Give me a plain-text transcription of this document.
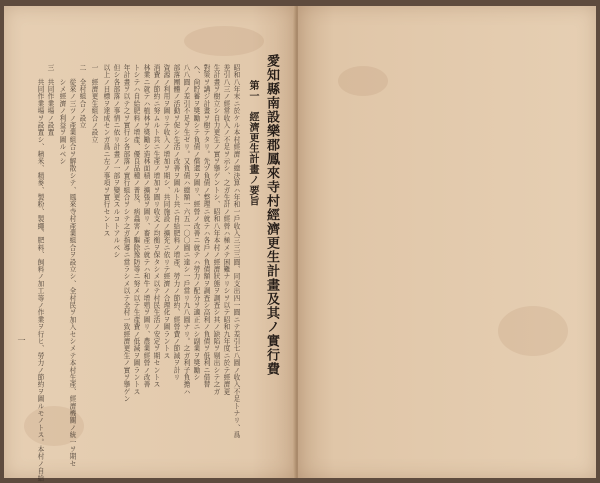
愛知縣南設樂郡鳳來寺村經濟更生計畫及其ノ實行費
第一　經濟更生計畫ノ要旨
昭和八年末ニ於ケル本村經濟ノ總決算ハ年和一戶收入三三三圓、同支出四一圓ニテ差引七八圓ノ收入不足トナリ、爲
差引八三ノ經常收入ノ不足ヲ示シ、之ガ生計ノ經營ハ極メテ困難ナリシヲ以テ昭和九年度ニ於テ經濟更
生計畫ヲ樹立シ自力更生ノ實ヲ擧ゲントシ、昭和八年本村ノ經濟狀態ヲ調査シ其ノ缺陷ヲ剔出シテ之ガ
對策ヲ講ジ計畫ヲ樹テタリ。先ヅ負債ノ整理ニ就テハ各戶ノ負債額ヲ調査シ高利ノ負債ヲ低利ニ借替
ヘ、尙貯蓄ヲ奬勵シテ負債ノ償還ヲ圖リ、經營ノ改善ニ就テハ勞力ノ配分ヲ適正ニシ副業ヲ奬勵シ
八八圓ノ差引不足ヲ生ゼリ。又負債ハ總額一六五一〇〇圓ニ達シ一戶當リ九八圓ナリ。之ガ利子負擔ハ
部落團體ノ活動ヲ促シ生活ノ改善ヲ圖ルト共ニ自給肥料ノ增產、勞力ノ節約、經營費ノ節減ヲ計リ
資源ノ利用ヲ圖リテ收入ノ增加ヲ期シ、共同施設ノ擴充ニ依リテ經濟ノ合理化ヲ圖ラントス
消費ノ節約ニ努ムルト共ニ生產ノ增加ヲ圖リ收支ノ均衡ヲ保タシメ以テ村民生活ノ安定ヲ期セントス
林業ニ就テハ植林ヲ奬勵シ造林面積ノ擴張ヲ圖リ、畜產ニ就テハ和牛ノ增殖ヲ圖リ、農業經營ノ改善
トシテハ自給肥料ノ增產、優良品種ノ普及、病蟲害ノ驅除豫防等ニ努メ以テ生產費ノ低減ヲ圖ラントス
年計畫ヲ以テ之ヲ實行シ各部落ノ實行組合ヲシテ之ガ指導ニ當ラシメ以テ全村一致經濟更生ノ實ヲ擧ゲン
但シ各部落ノ事情ニ依リ計畫ノ一部ヲ變更スルコトアルベシ
以上ノ目標ヲ達成センガ爲ニ左ノ事項ヲ實行セントス
一　經濟更生組合ノ設立
二　全村組合ノ設立
　　從來ノ三ツノ產業組合ヲ解散シテ、鳳來寺村產業組合ヲ設立シ、全村民ヲ加入セシメテ本村生產、經濟機關ノ統一ヲ期セ
　　シメ經濟ノ利益ヲ圖ルベシ
三　共同作業場ノ設置
　　共同作業場ヲ設置シ、精米、精麥、製粉、製繩、肥料、飼料ノ加工等ノ作業ヲ行ヒ、勞力ノ節約ヲ圖ルモノトス。本村ノ自給
一
